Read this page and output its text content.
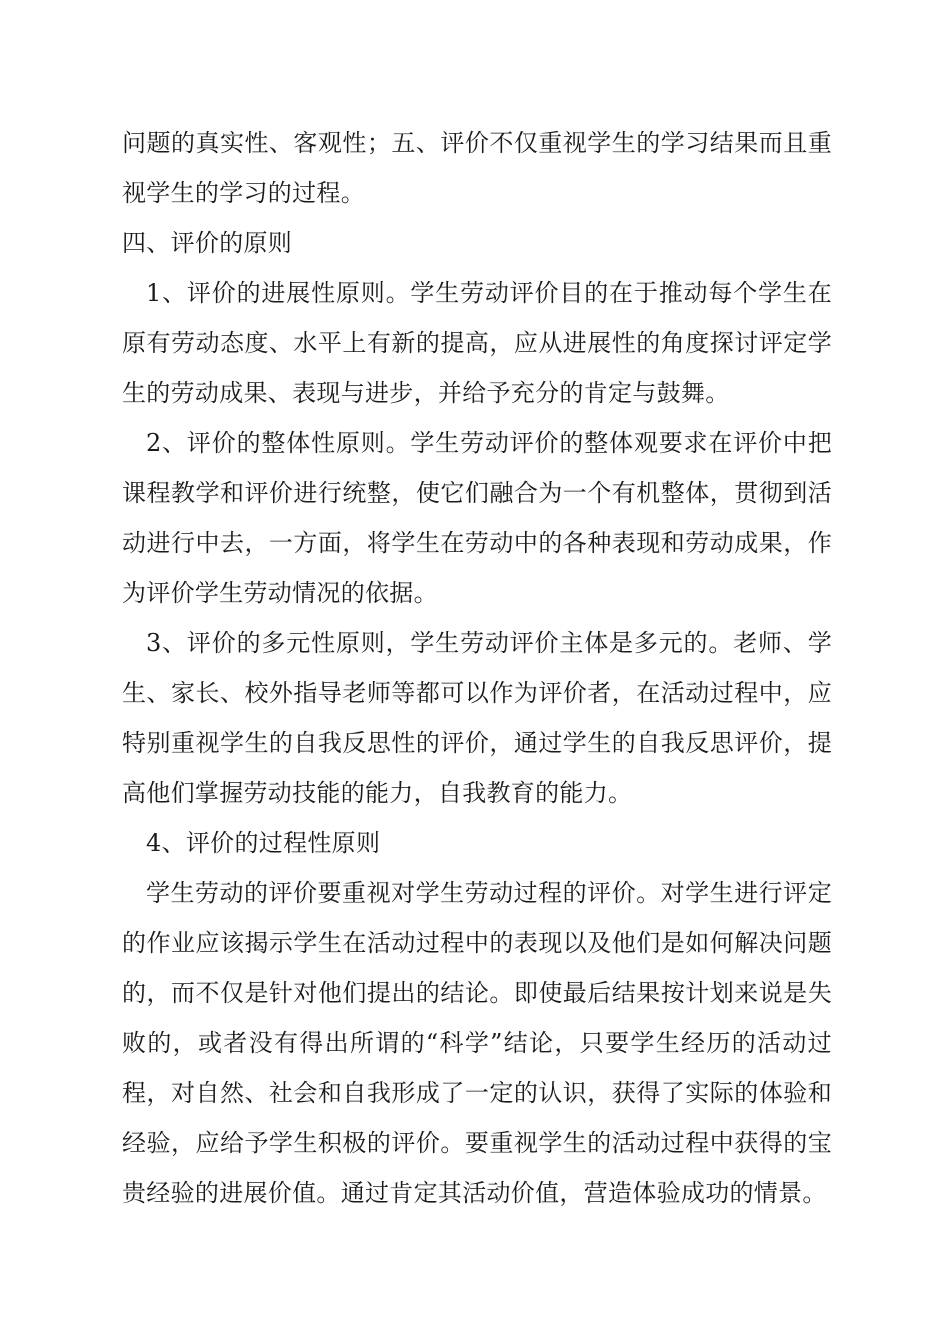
问题的真实性、客观性；五、评价不仅重视学生的学习结果而且重视学生的学习的过程。

四、评价的原则

1、评价的进展性原则。学生劳动评价目的在于推动每个学生在原有劳动态度、水平上有新的提高，应从进展性的角度探讨评定学生的劳动成果、表现与进步，并给予充分的肯定与鼓舞。

2、评价的整体性原则。学生劳动评价的整体观要求在评价中把课程教学和评价进行统整，使它们融合为一个有机整体，贯彻到活动进行中去，一方面，将学生在劳动中的各种表现和劳动成果，作为评价学生劳动情况的依据。

3、评价的多元性原则，学生劳动评价主体是多元的。老师、学生、家长、校外指导老师等都可以作为评价者，在活动过程中，应特别重视学生的自我反思性的评价，通过学生的自我反思评价，提高他们掌握劳动技能的能力，自我教育的能力。

4、评价的过程性原则

学生劳动的评价要重视对学生劳动过程的评价。对学生进行评定的作业应该揭示学生在活动过程中的表现以及他们是如何解决问题的，而不仅是针对他们提出的结论。即使最后结果按计划来说是失败的，或者没有得出所谓的“科学”结论，只要学生经历的活动过程，对自然、社会和自我形成了一定的认识，获得了实际的体验和经验，应给予学生积极的评价。要重视学生的活动过程中获得的宝贵经验的进展价值。通过肯定其活动价值，营造体验成功的情景。
